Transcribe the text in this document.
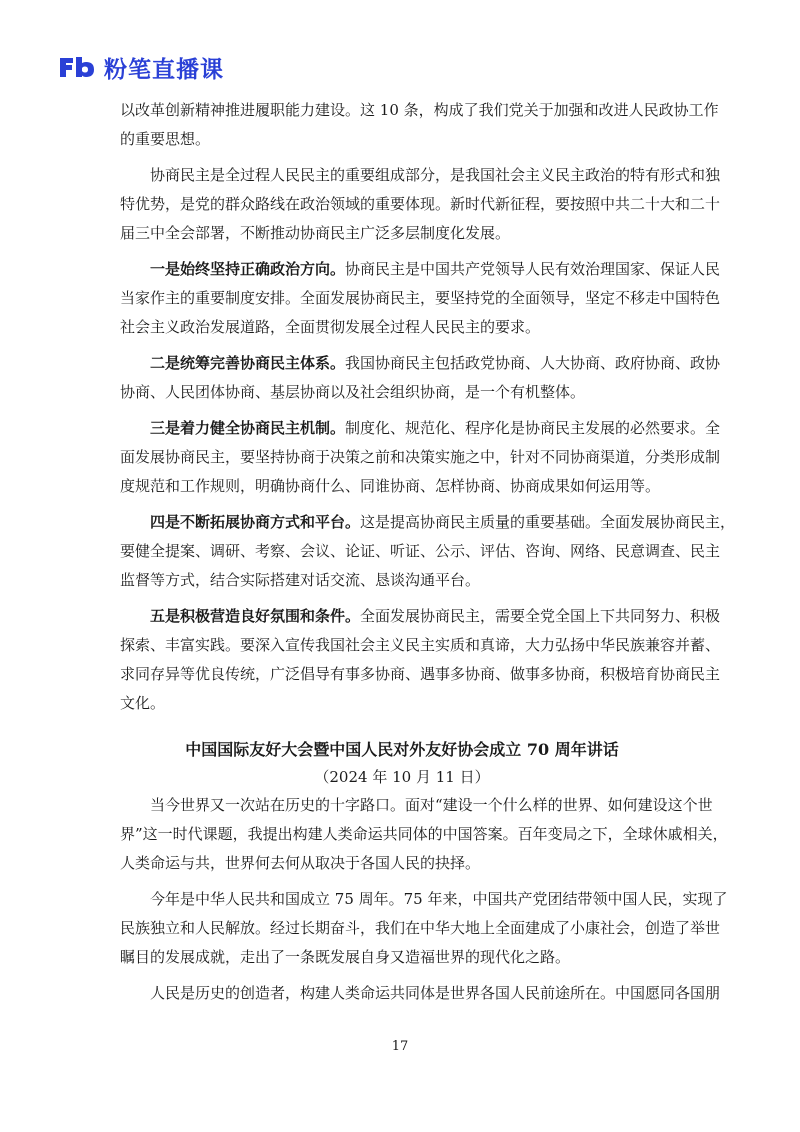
粉笔直播课
以改革创新精神推进履职能力建设。这 10 条，构成了我们党关于加强和改进人民政协工作
的重要思想。
协商民主是全过程人民民主的重要组成部分，是我国社会主义民主政治的特有形式和独
特优势，是党的群众路线在政治领域的重要体现。新时代新征程，要按照中共二十大和二十
届三中全会部署，不断推动协商民主广泛多层制度化发展。
一是始终坚持正确政治方向。协商民主是中国共产党领导人民有效治理国家、保证人民
当家作主的重要制度安排。全面发展协商民主，要坚持党的全面领导，坚定不移走中国特色
社会主义政治发展道路，全面贯彻发展全过程人民民主的要求。
二是统筹完善协商民主体系。我国协商民主包括政党协商、人大协商、政府协商、政协
协商、人民团体协商、基层协商以及社会组织协商，是一个有机整体。
三是着力健全协商民主机制。制度化、规范化、程序化是协商民主发展的必然要求。全
面发展协商民主，要坚持协商于决策之前和决策实施之中，针对不同协商渠道，分类形成制
度规范和工作规则，明确协商什么、同谁协商、怎样协商、协商成果如何运用等。
四是不断拓展协商方式和平台。这是提高协商民主质量的重要基础。全面发展协商民主，
要健全提案、调研、考察、会议、论证、听证、公示、评估、咨询、网络、民意调查、民主
监督等方式，结合实际搭建对话交流、恳谈沟通平台。
五是积极营造良好氛围和条件。全面发展协商民主，需要全党全国上下共同努力、积极
探索、丰富实践。要深入宣传我国社会主义民主实质和真谛，大力弘扬中华民族兼容并蓄、
求同存异等优良传统，广泛倡导有事多协商、遇事多协商、做事多协商，积极培育协商民主
文化。
中国国际友好大会暨中国人民对外友好协会成立 70 周年讲话
（2024 年 10 月 11 日）
当今世界又一次站在历史的十字路口。面对“建设一个什么样的世界、如何建设这个世
界”这一时代课题，我提出构建人类命运共同体的中国答案。百年变局之下，全球休戚相关，
人类命运与共，世界何去何从取决于各国人民的抉择。
今年是中华人民共和国成立 75 周年。75 年来，中国共产党团结带领中国人民，实现了
民族独立和人民解放。经过长期奋斗，我们在中华大地上全面建成了小康社会，创造了举世
瞩目的发展成就，走出了一条既发展自身又造福世界的现代化之路。
人民是历史的创造者，构建人类命运共同体是世界各国人民前途所在。中国愿同各国朋
17
